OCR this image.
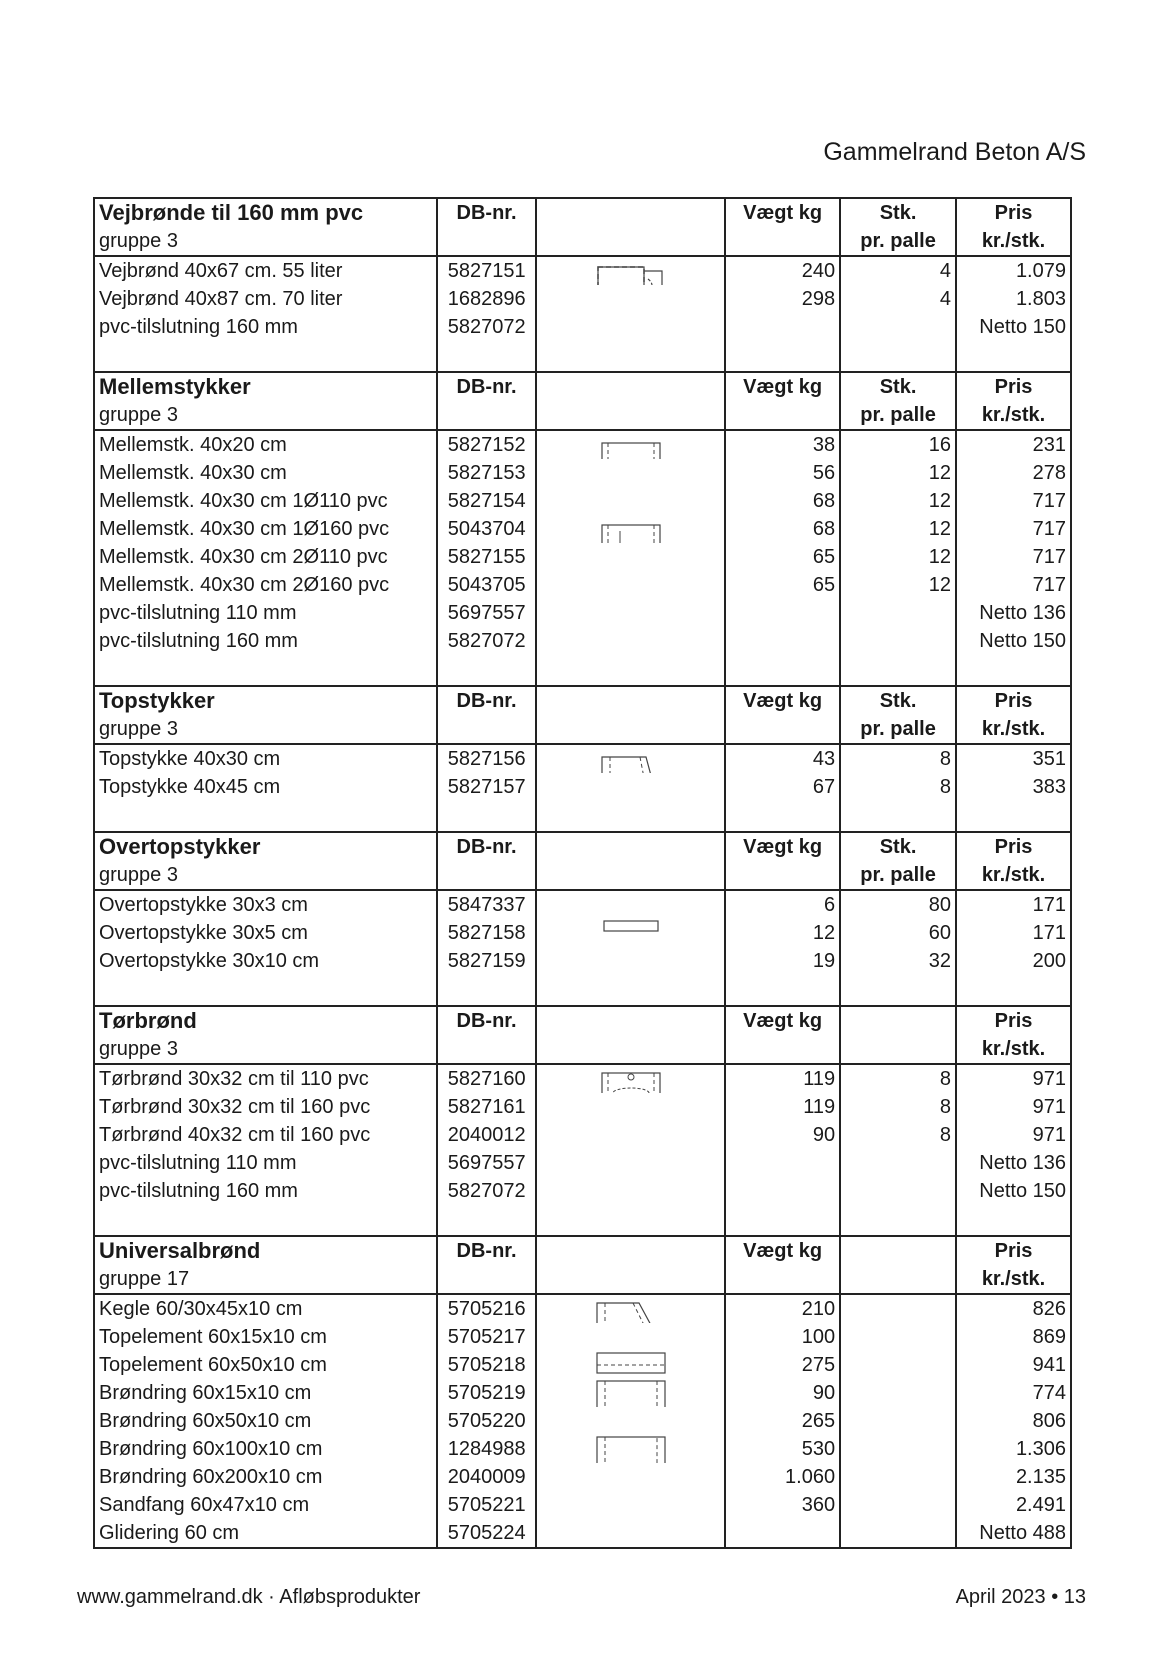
Gammelrand Beton A/S
Vejbrønde til 160 mm pvc	DB-nr.		Vægt kg	Stk.	Pris
gruppe 3				pr. palle	kr./stk.
Vejbrønd 40x67 cm. 55 liter	5827151		240	4	1.079
Vejbrønd 40x87 cm. 70 liter	1682896		298	4	1.803
pvc-tilslutning 160 mm	5827072				Netto 150

Mellemstykker	DB-nr.		Vægt kg	Stk.	Pris
gruppe 3				pr. palle	kr./stk.
Mellemstk. 40x20 cm	5827152		38	16	231
Mellemstk. 40x30 cm	5827153		56	12	278
Mellemstk. 40x30 cm 1Ø110 pvc	5827154		68	12	717
Mellemstk. 40x30 cm 1Ø160 pvc	5043704		68	12	717
Mellemstk. 40x30 cm 2Ø110 pvc	5827155		65	12	717
Mellemstk. 40x30 cm 2Ø160 pvc	5043705		65	12	717
pvc-tilslutning 110 mm	5697557				Netto 136
pvc-tilslutning 160 mm	5827072				Netto 150

Topstykker	DB-nr.		Vægt kg	Stk.	Pris
gruppe 3				pr. palle	kr./stk.
Topstykke 40x30 cm	5827156		43	8	351
Topstykke 40x45 cm	5827157		67	8	383

Overtopstykker	DB-nr.		Vægt kg	Stk.	Pris
gruppe 3				pr. palle	kr./stk.
Overtopstykke 30x3 cm	5847337		6	80	171
Overtopstykke 30x5 cm	5827158		12	60	171
Overtopstykke 30x10 cm	5827159		19	32	200

Tørbrønd	DB-nr.		Vægt kg		Pris
gruppe 3					kr./stk.
Tørbrønd 30x32 cm til 110 pvc	5827160		119	8	971
Tørbrønd 30x32 cm til 160 pvc	5827161		119	8	971
Tørbrønd 40x32 cm til 160 pvc	2040012		90	8	971
pvc-tilslutning 110 mm	5697557				Netto 136
pvc-tilslutning 160 mm	5827072				Netto 150

Universalbrønd	DB-nr.		Vægt kg		Pris
gruppe 17					kr./stk.
Kegle 60/30x45x10 cm	5705216		210		826
Topelement 60x15x10 cm	5705217		100		869
Topelement 60x50x10 cm	5705218		275		941
Brøndring 60x15x10 cm	5705219		90		774
Brøndring 60x50x10 cm	5705220		265		806
Brøndring 60x100x10 cm	1284988		530		1.306
Brøndring 60x200x10 cm	2040009		1.060		2.135
Sandfang 60x47x10 cm	5705221		360		2.491
Glidering 60 cm	5705224				Netto 488
www.gammelrand.dk · Afløbsprodukter	April 2023 • 13
